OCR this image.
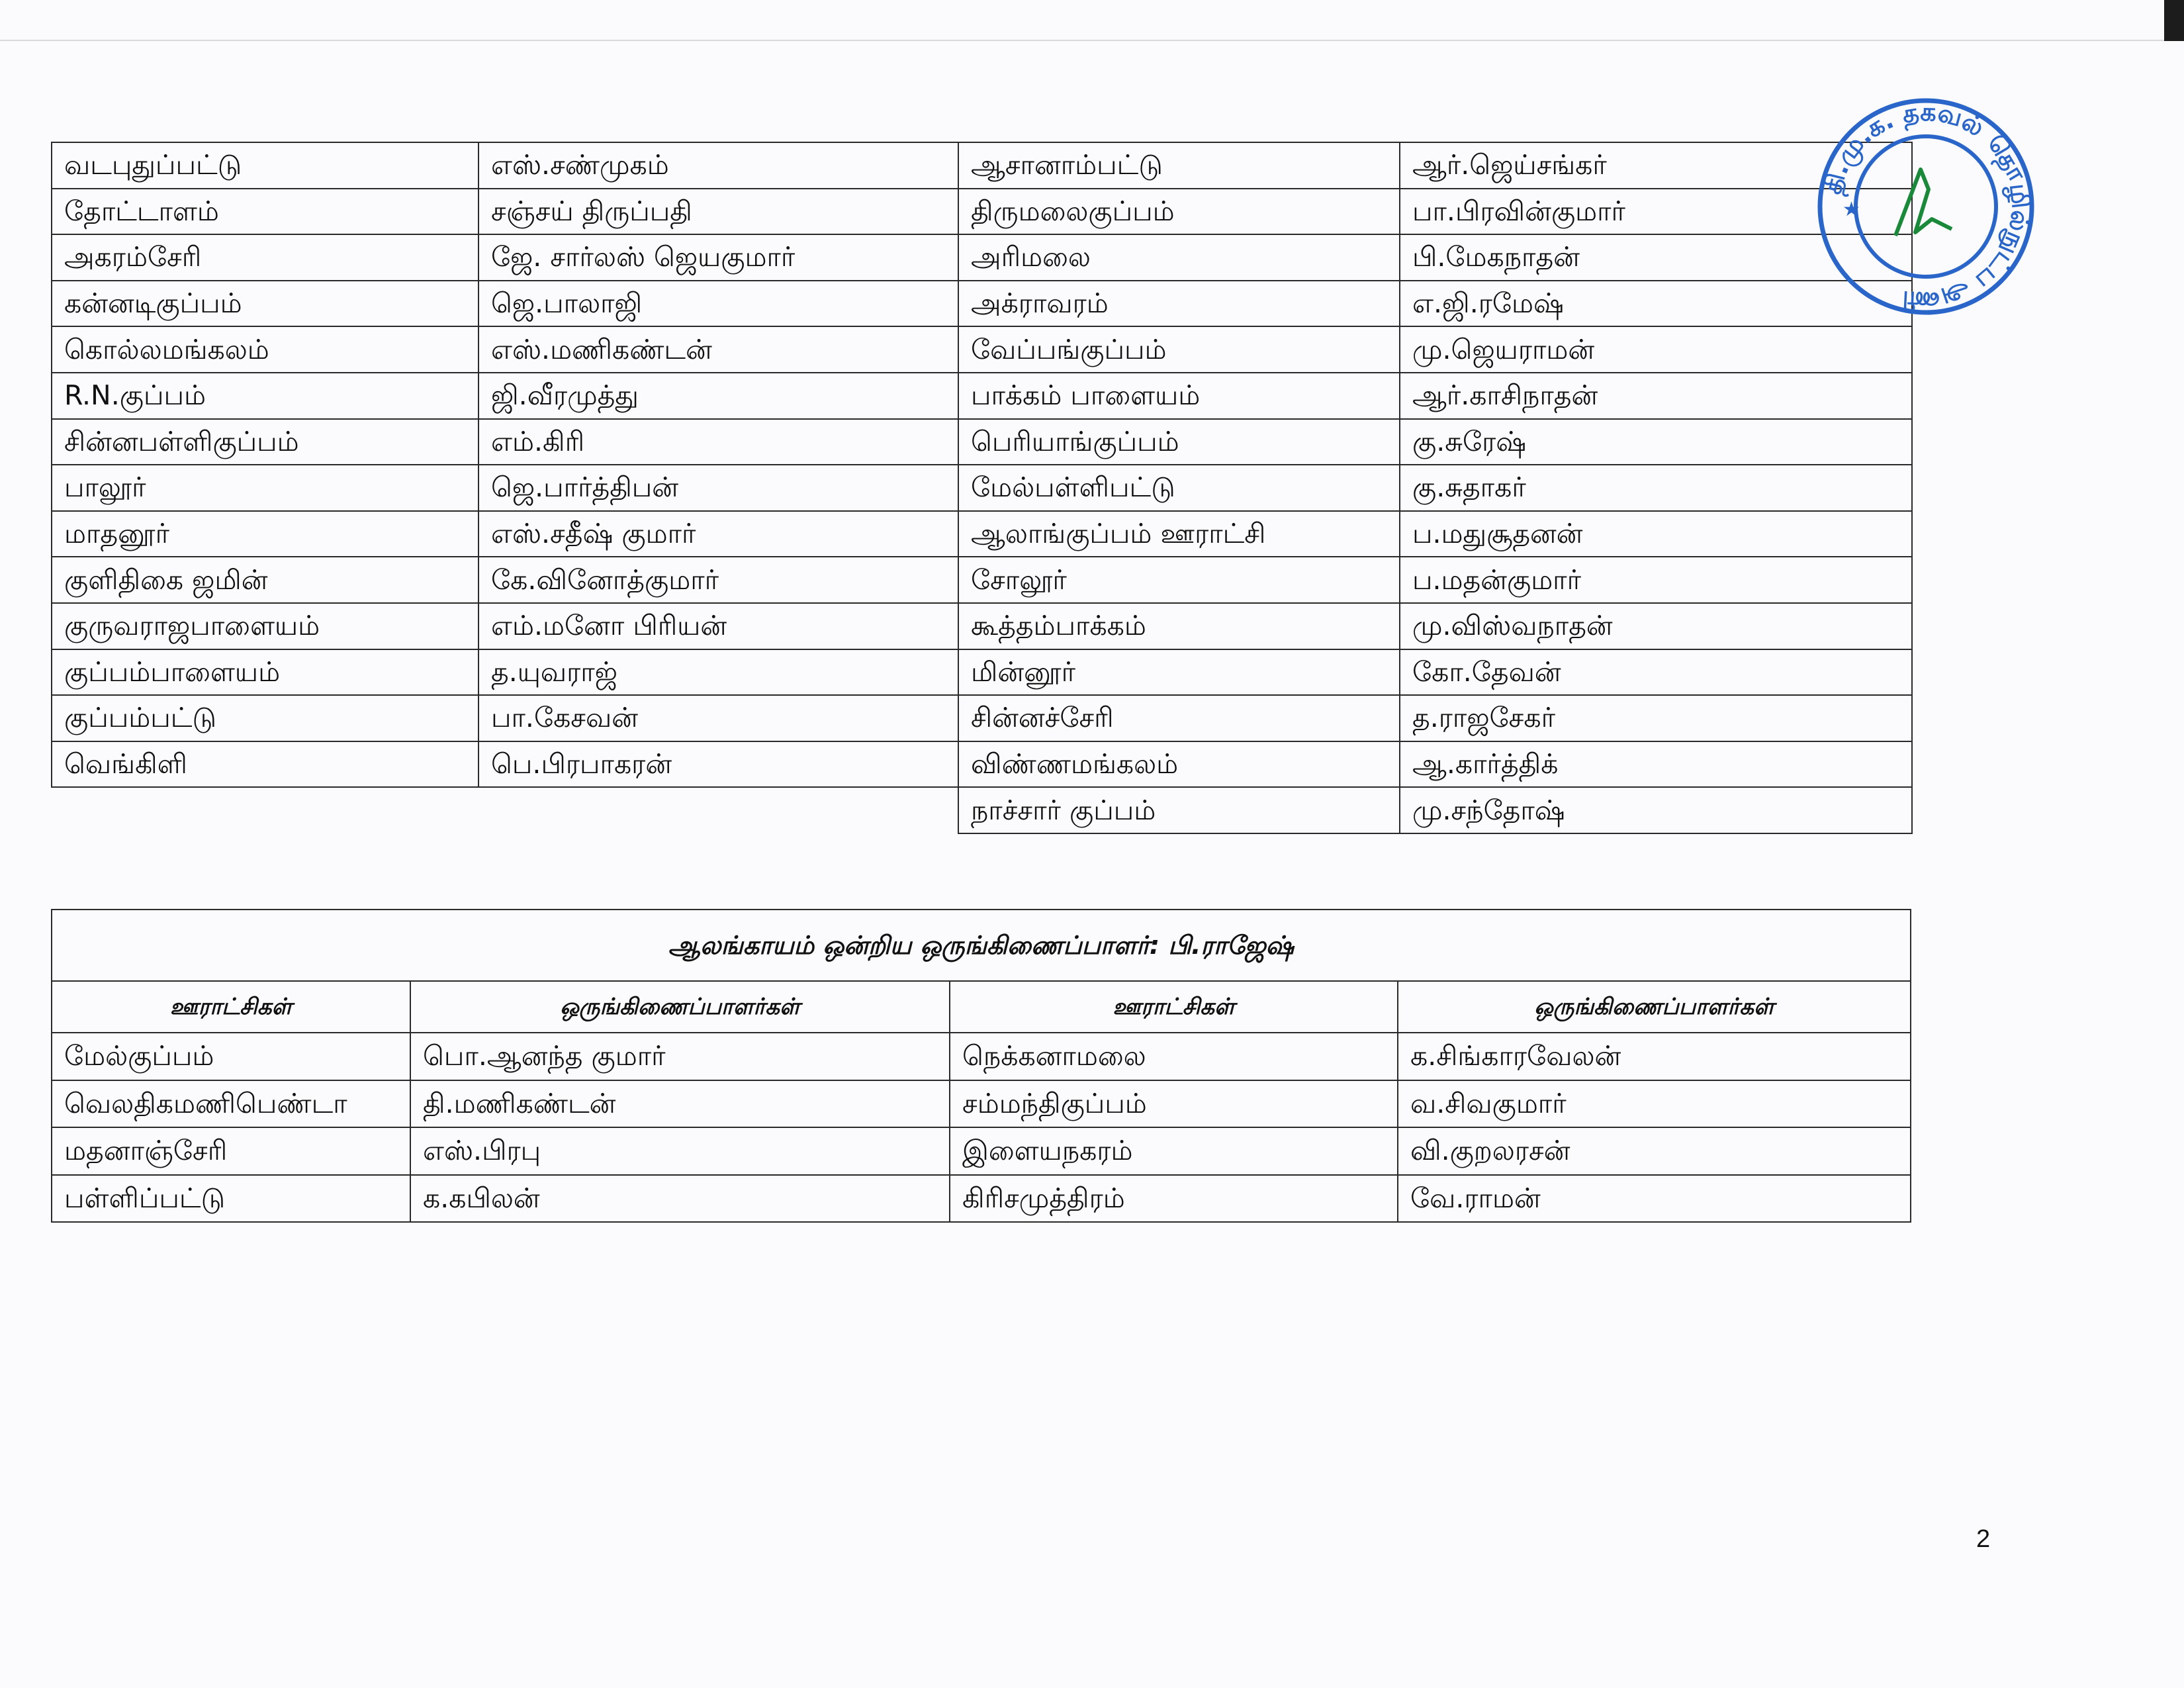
வடபுதுப்பட்டு	எஸ்.சண்முகம்	ஆசானாம்பட்டு	ஆர்.ஜெய்சங்கர்
தோட்டாளம்	சஞ்சய் திருப்பதி	திருமலைகுப்பம்	பா.பிரவின்குமார்
அகரம்சேரி	ஜே. சார்லஸ் ஜெயகுமார்	அரிமலை	பி.மேகநாதன்
கன்னடிகுப்பம்	ஜெ.பாலாஜி	அக்ராவரம்	எ.ஜி.ரமேஷ்
கொல்லமங்கலம்	எஸ்.மணிகண்டன்	வேப்பங்குப்பம்	மு.ஜெயராமன்
R.N.குப்பம்	ஜி.வீரமுத்து	பாக்கம் பாளையம்	ஆர்.காசிநாதன்
சின்னபள்ளிகுப்பம்	எம்.கிரி	பெரியாங்குப்பம்	கு.சுரேஷ்
பாலூர்	ஜெ.பார்த்திபன்	மேல்பள்ளிபட்டு	கு.சுதாகர்
மாதனூர்	எஸ்.சதீஷ் குமார்	ஆலாங்குப்பம் ஊராட்சி	ப.மதுசூதனன்
குளிதிகை ஜமின்	கே.வினோத்குமார்	சோலூர்	ப.மதன்குமார்
குருவராஜபாளையம்	எம்.மனோ பிரியன்	கூத்தம்பாக்கம்	மு.விஸ்வநாதன்
குப்பம்பாளையம்	த.யுவராஜ்	மின்னூர்	கோ.தேவன்
குப்பம்பட்டு	பா.கேசவன்	சின்னச்சேரி	த.ராஜசேகர்
வெங்கிளி	பெ.பிரபாகரன்	விண்ணமங்கலம்	ஆ.கார்த்திக்
		நாச்சார் குப்பம்	மு.சந்தோஷ்
ஆலங்காயம் ஒன்றிய ஒருங்கிணைப்பாளர்: பி.ராஜேஷ்			
ஊராட்சிகள்	ஒருங்கிணைப்பாளர்கள்	ஊராட்சிகள்	ஒருங்கிணைப்பாளர்கள்
மேல்குப்பம்	பொ.ஆனந்த குமார்	நெக்கனாமலை	க.சிங்காரவேலன்
வெலதிகமணிபெண்டா	தி.மணிகண்டன்	சம்மந்திகுப்பம்	வ.சிவகுமார்
மதனாஞ்சேரி	எஸ்.பிரபு	இளையநகரம்	வி.குறலரசன்
பள்ளிப்பட்டு	க.கபிலன்	கிரிசமுத்திரம்	வே.ராமன்
தி.மு.க. தகவல் தொழில்நுட்ப அணி
★
2
